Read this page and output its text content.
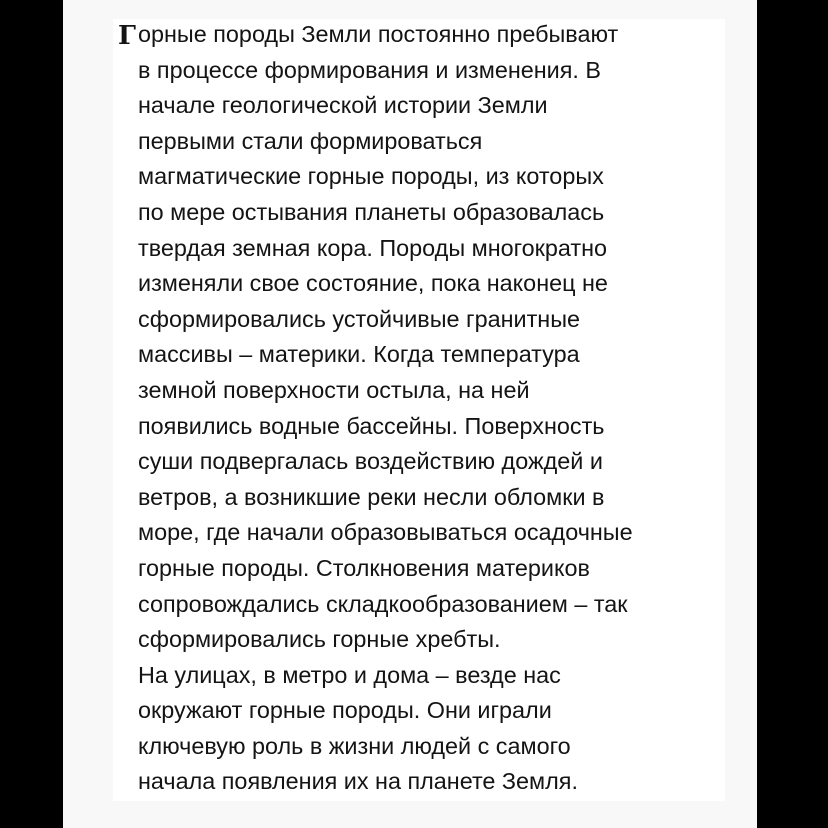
Г орные породы Земли постоянно пребывают
в процессе формирования и изменения. В
начале геологической истории Земли
первыми стали формироваться
магматические горные породы, из которых
по мере остывания планеты образовалась
твердая земная кора. Породы многократно
изменяли свое состояние, пока наконец не
сформировались устойчивые гранитные
массивы – материки. Когда температура
земной поверхности остыла, на ней
появились водные бассейны. Поверхность
суши подвергалась воздействию дождей и
ветров, а возникшие реки несли обломки в
море, где начали образовываться осадочные
горные породы. Столкновения материков
сопровождались складкообразованием – так
сформировались горные хребты.
На улицах, в метро и дома – везде нас
окружают горные породы. Они играли
ключевую роль в жизни людей с самого
начала появления их на планете Земля.
